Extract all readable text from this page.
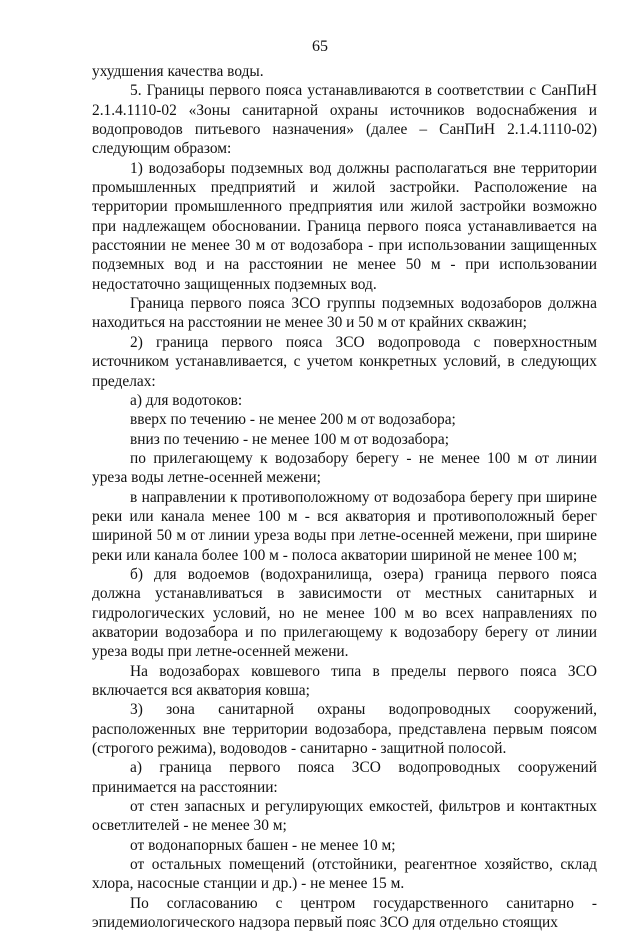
65

ухудшения качества воды.

5. Границы первого пояса устанавливаются в соответствии с СанПиН 2.1.4.1110-02 «Зоны санитарной охраны источников водоснабжения и водопроводов питьевого назначения» (далее – СанПиН 2.1.4.1110-02) следующим образом:

1) водозаборы подземных вод должны располагаться вне территории промышленных предприятий и жилой застройки. Расположение на территории промышленного предприятия или жилой застройки возможно при надлежащем обосновании. Граница первого пояса устанавливается на расстоянии не менее 30 м от водозабора - при использовании защищенных подземных вод и на расстоянии не менее 50 м - при использовании недостаточно защищенных подземных вод.

Граница первого пояса ЗСО группы подземных водозаборов должна находиться на расстоянии не менее 30 и 50 м от крайних скважин;

2) граница первого пояса ЗСО водопровода с поверхностным источником устанавливается, с учетом конкретных условий, в следующих пределах:

а) для водотоков:

вверх по течению - не менее 200 м от водозабора;

вниз по течению - не менее 100 м от водозабора;

по прилегающему к водозабору берегу - не менее 100 м от линии уреза воды летне-осенней межени;

в направлении к противоположному от водозабора берегу при ширине реки или канала менее 100 м - вся акватория и противоположный берег шириной 50 м от линии уреза воды при летне-осенней межени, при ширине реки или канала более 100 м - полоса акватории шириной не менее 100 м;

б) для водоемов (водохранилища, озера) граница первого пояса должна устанавливаться в зависимости от местных санитарных и гидрологических условий, но не менее 100 м во всех направлениях по акватории водозабора и по прилегающему к водозабору берегу от линии уреза воды при летне-осенней межени.

На водозаборах ковшевого типа в пределы первого пояса ЗСО включается вся акватория ковша;

3) зона санитарной охраны водопроводных сооружений, расположенных вне территории водозабора, представлена первым поясом (строгого режима), водоводов - санитарно - защитной полосой.

а) граница первого пояса ЗСО водопроводных сооружений принимается на расстоянии:

от стен запасных и регулирующих емкостей, фильтров и контактных осветлителей - не менее 30 м;

от водонапорных башен - не менее 10 м;

от остальных помещений (отстойники, реагентное хозяйство, склад хлора, насосные станции и др.) - не менее 15 м.

По согласованию с центром государственного санитарно - эпидемиологического надзора первый пояс ЗСО для отдельно стоящих
